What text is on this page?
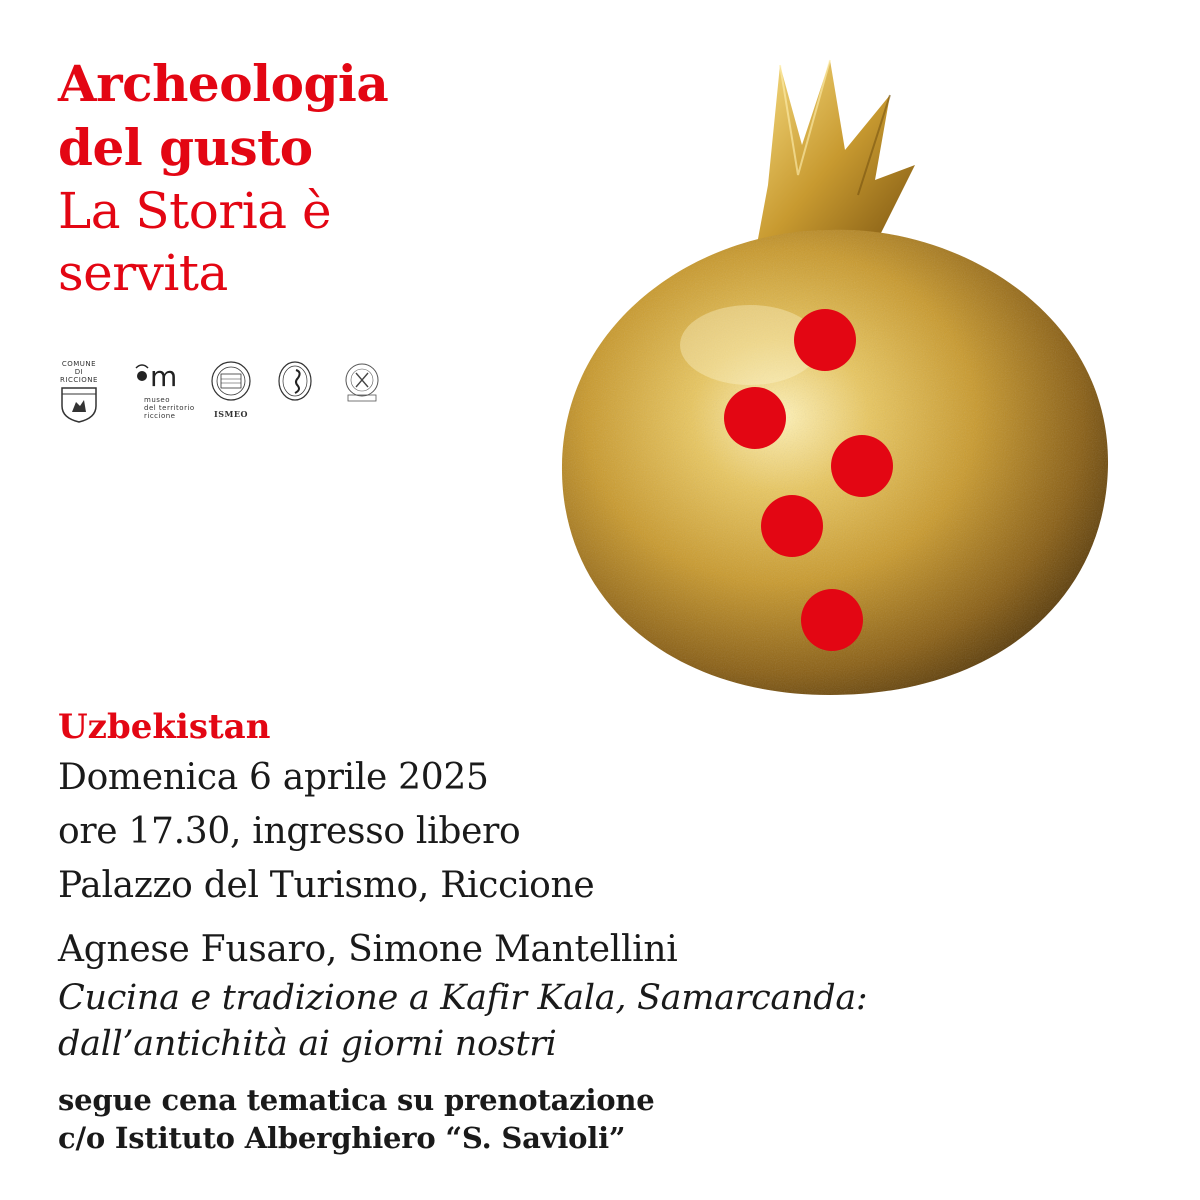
Archeologia
del gusto
La Storia è
servita
COMUNE DI
RICCIONE m
museo
del territorio
riccione	ISMEO
Uzbekistan
Domenica 6 aprile 2025
ore 17.30, ingresso libero
Palazzo del Turismo, Riccione
Agnese Fusaro, Simone Mantellini
Cucina e tradizione a Kafir Kala, Samarcanda:
dall’antichità ai giorni nostri
segue cena tematica su prenotazione
c/o Istituto Alberghiero “S. Savioli”
